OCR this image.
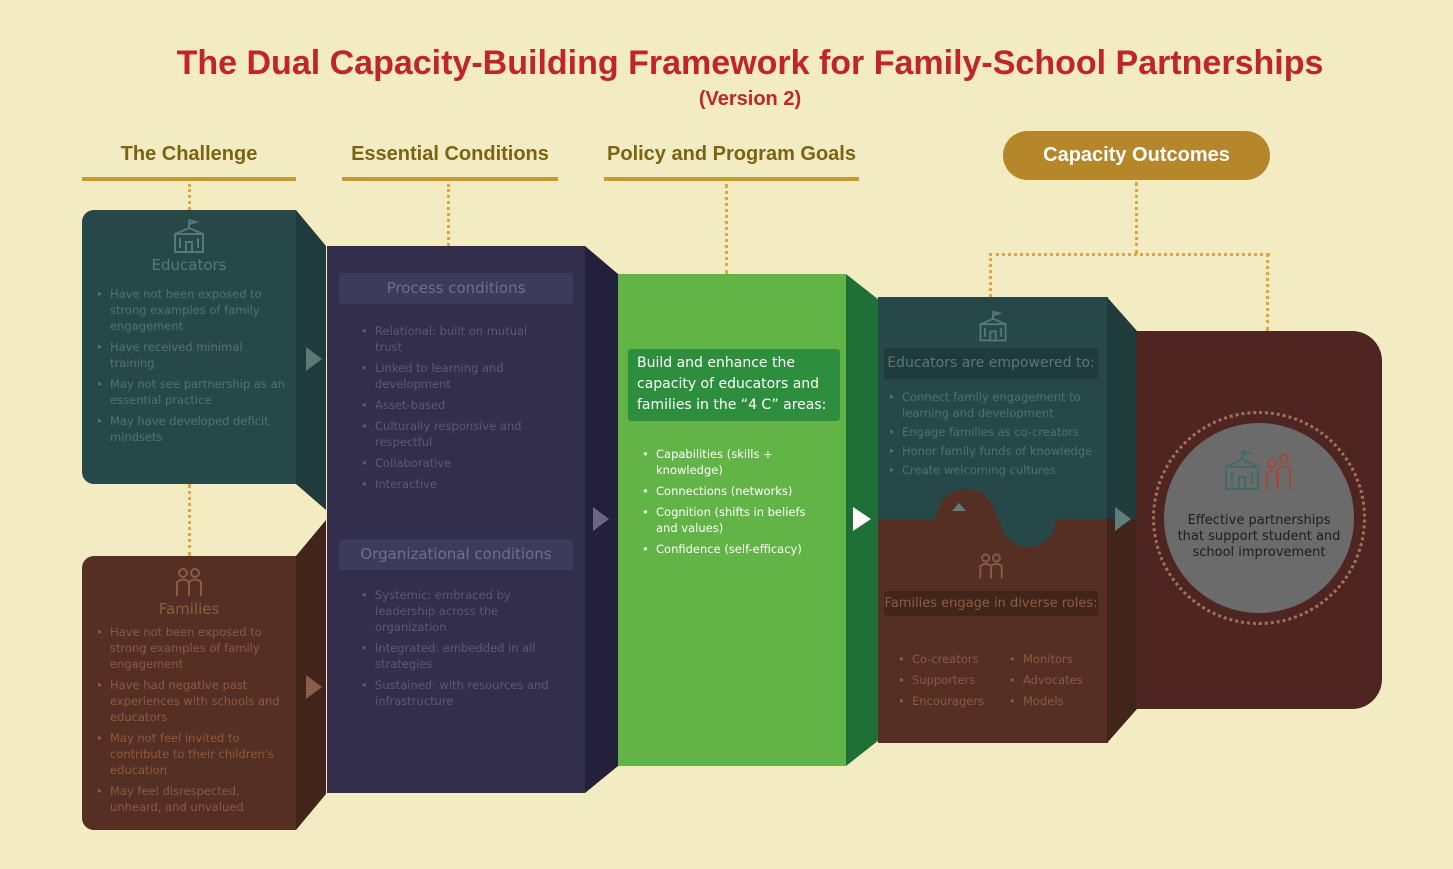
The Dual Capacity-Building Framework for Family-School Partnerships
(Version 2)
The Challenge	Essential Conditions	Policy and Program Goals	Capacity Outcomes
Educators
• Have not been exposed to strong examples of family engagement
• Have received minimal training
• May not see partnership as an essential practice
• May have developed deficit mindsets
Families
• Have not been exposed to strong examples of family engagement
• Have had negative past experiences with schools and educators
• May not feel invited to contribute to their children's education
• May feel disrespected, unheard, and unvalued
Process conditions
• Relational: built on mutual trust
• Linked to learning and development
• Asset-based
• Culturally responsive and respectful
• Collaborative
• Interactive
Organizational conditions
• Systemic: embraced by leadership across the organization
• Integrated: embedded in all strategies
• Sustained: with resources and infrastructure
Build and enhance the capacity of educators and families in the “4 C” areas:
• Capabilities (skills + knowledge)
• Connections (networks)
• Cognition (shifts in beliefs and values)
• Confidence (self-efficacy)
Educators are empowered to:
• Connect family engagement to learning and development
• Engage families as co-creators
• Honor family funds of knowledge
• Create welcoming cultures
Families engage in diverse roles:
• Co-creators
• Supporters
• Encouragers
• Monitors
• Advocates
• Models
Effective partnerships that support student and school improvement
